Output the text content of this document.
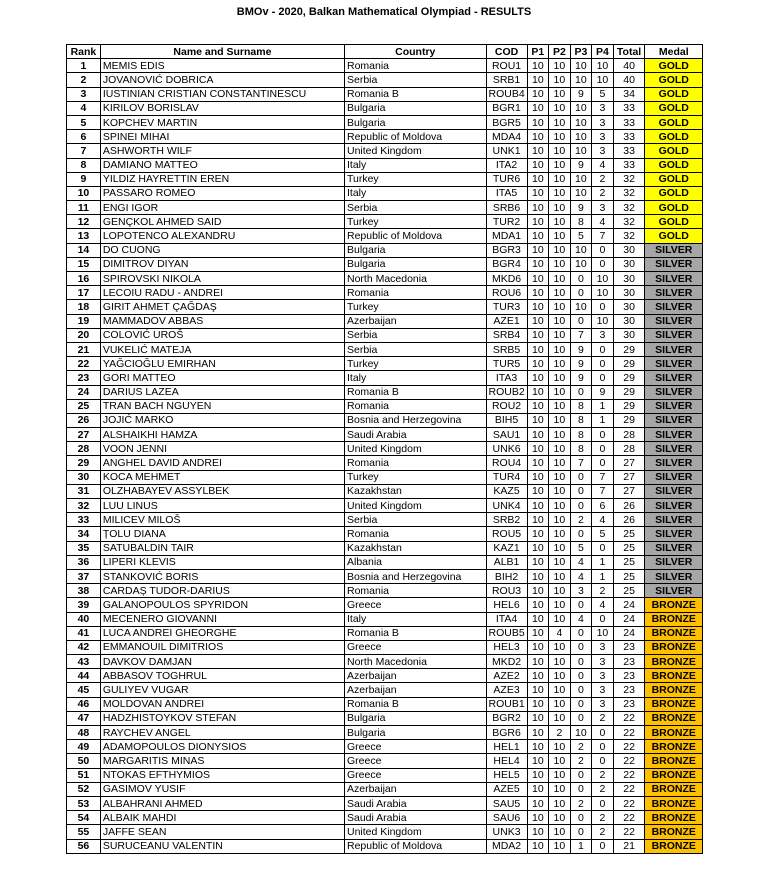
BMOv - 2020, Balkan Mathematical Olympiad - RESULTS
Rank	Name and Surname	Country	COD	P1	P2	P3	P4	Total	Medal
1	MEMIS EDIS	Romania	ROU1	10	10	10	10	40	GOLD
2	JOVANOVIĆ DOBRICA	Serbia	SRB1	10	10	10	10	40	GOLD
3	IUSTINIAN CRISTIAN CONSTANTINESCU	Romania B	ROUB4	10	10	9	5	34	GOLD
4	KIRILOV BORISLAV	Bulgaria	BGR1	10	10	10	3	33	GOLD
5	KOPCHEV MARTIN	Bulgaria	BGR5	10	10	10	3	33	GOLD
6	SPINEI MIHAI	Republic of Moldova	MDA4	10	10	10	3	33	GOLD
7	ASHWORTH WILF	United Kingdom	UNK1	10	10	10	3	33	GOLD
8	DAMIANO MATTEO	Italy	ITA2	10	10	9	4	33	GOLD
9	YILDIZ HAYRETTIN EREN	Turkey	TUR6	10	10	10	2	32	GOLD
10	PASSARO ROMEO	Italy	ITA5	10	10	10	2	32	GOLD
11	ENGI IGOR	Serbia	SRB6	10	10	9	3	32	GOLD
12	GENÇKOL AHMED SAID	Turkey	TUR2	10	10	8	4	32	GOLD
13	LOPOTENCO ALEXANDRU	Republic of Moldova	MDA1	10	10	5	7	32	GOLD
14	DO CUONG	Bulgaria	BGR3	10	10	10	0	30	SILVER
15	DIMITROV DIYAN	Bulgaria	BGR4	10	10	10	0	30	SILVER
16	SPIROVSKI NIKOLA	North Macedonia	MKD6	10	10	0	10	30	SILVER
17	LECOIU RADU - ANDREI	Romania	ROU6	10	10	0	10	30	SILVER
18	GIRIT AHMET ÇAĞDAŞ	Turkey	TUR3	10	10	10	0	30	SILVER
19	MAMMADOV ABBAS	Azerbaijan	AZE1	10	10	0	10	30	SILVER
20	COLOVIĆ UROŠ	Serbia	SRB4	10	10	7	3	30	SILVER
21	VUKELIĆ MATEJA	Serbia	SRB5	10	10	9	0	29	SILVER
22	YAĞCIOĞLU EMIRHAN	Turkey	TUR5	10	10	9	0	29	SILVER
23	GORI MATTEO	Italy	ITA3	10	10	9	0	29	SILVER
24	DARIUS LAZEA	Romania B	ROUB2	10	10	0	9	29	SILVER
25	TRAN BACH NGUYEN	Romania	ROU2	10	10	8	1	29	SILVER
26	JOJIĆ MARKO	Bosnia and Herzegovina	BIH5	10	10	8	1	29	SILVER
27	ALSHAIKHI HAMZA	Saudi Arabia	SAU1	10	10	8	0	28	SILVER
28	VOON JENNI	United Kingdom	UNK6	10	10	8	0	28	SILVER
29	ANGHEL DAVID ANDREI	Romania	ROU4	10	10	7	0	27	SILVER
30	KOCA MEHMET	Turkey	TUR4	10	10	0	7	27	SILVER
31	OLZHABAYEV ASSYLBEK	Kazakhstan	KAZ5	10	10	0	7	27	SILVER
32	LUU LINUS	United Kingdom	UNK4	10	10	0	6	26	SILVER
33	MILICEV MILOŠ	Serbia	SRB2	10	10	2	4	26	SILVER
34	ȚOLU DIANA	Romania	ROU5	10	10	0	5	25	SILVER
35	SATUBALDIN TAIR	Kazakhstan	KAZ1	10	10	5	0	25	SILVER
36	LIPERI KLEVIS	Albania	ALB1	10	10	4	1	25	SILVER
37	STANKOVIĆ BORIS	Bosnia and Herzegovina	BIH2	10	10	4	1	25	SILVER
38	CARDAȘ TUDOR-DARIUS	Romania	ROU3	10	10	3	2	25	SILVER
39	GALANOPOULOS SPYRIDON	Greece	HEL6	10	10	0	4	24	BRONZE
40	MECENERO GIOVANNI	Italy	ITA4	10	10	4	0	24	BRONZE
41	LUCA ANDREI GHEORGHE	Romania B	ROUB5	10	4	0	10	24	BRONZE
42	EMMANOUIL DIMITRIOS	Greece	HEL3	10	10	0	3	23	BRONZE
43	DAVKOV DAMJAN	North Macedonia	MKD2	10	10	0	3	23	BRONZE
44	ABBASOV TOGHRUL	Azerbaijan	AZE2	10	10	0	3	23	BRONZE
45	GULIYEV VUGAR	Azerbaijan	AZE3	10	10	0	3	23	BRONZE
46	MOLDOVAN ANDREI	Romania B	ROUB1	10	10	0	3	23	BRONZE
47	HADZHISTOYKOV STEFAN	Bulgaria	BGR2	10	10	0	2	22	BRONZE
48	RAYCHEV ANGEL	Bulgaria	BGR6	10	2	10	0	22	BRONZE
49	ADAMOPOULOS DIONYSIOS	Greece	HEL1	10	10	2	0	22	BRONZE
50	MARGARITIS MINAS	Greece	HEL4	10	10	2	0	22	BRONZE
51	NTOKAS EFTHYMIOS	Greece	HEL5	10	10	0	2	22	BRONZE
52	GASIMOV YUSIF	Azerbaijan	AZE5	10	10	0	2	22	BRONZE
53	ALBAHRANI AHMED	Saudi Arabia	SAU5	10	10	2	0	22	BRONZE
54	ALBAIK MAHDI	Saudi Arabia	SAU6	10	10	0	2	22	BRONZE
55	JAFFE SEAN	United Kingdom	UNK3	10	10	0	2	22	BRONZE
56	SURUCEANU VALENTIN	Republic of Moldova	MDA2	10	10	1	0	21	BRONZE
